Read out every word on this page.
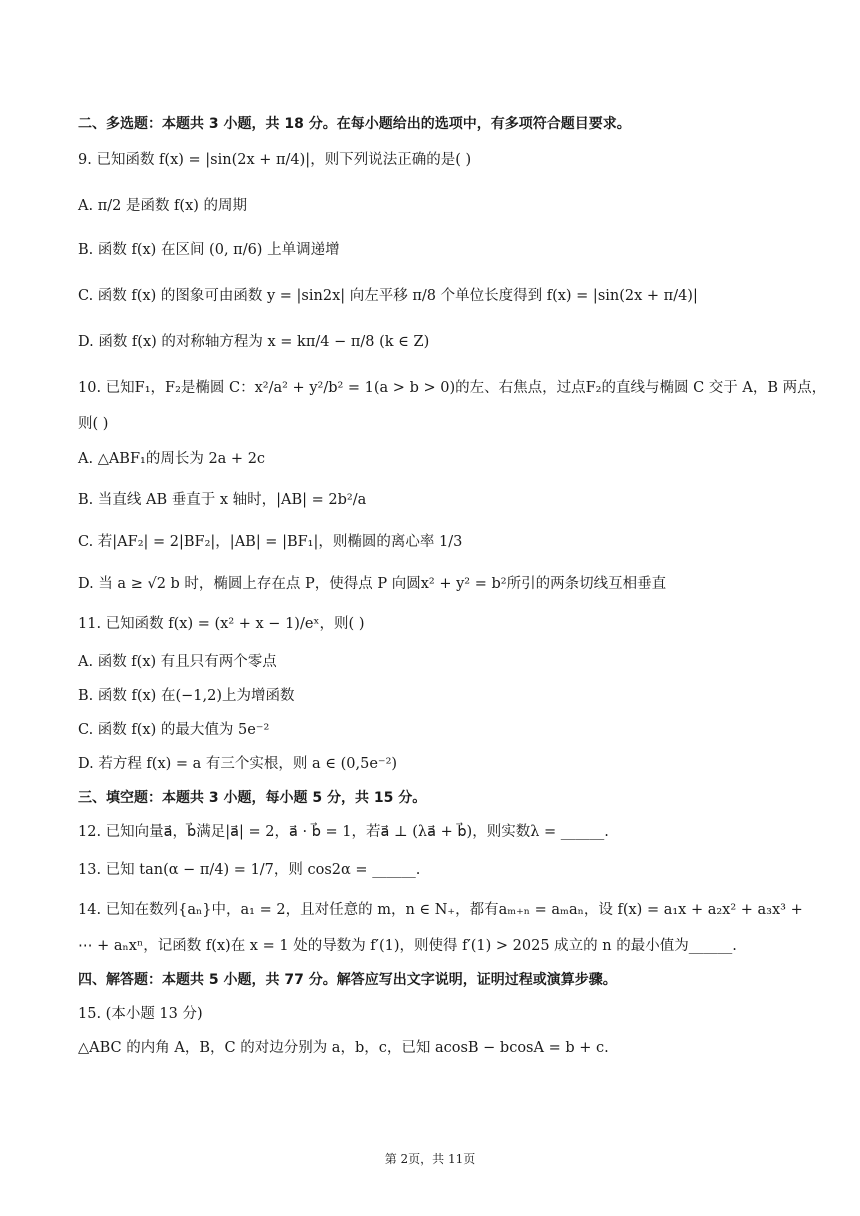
二、多选题：本题共 3 小题，共 18 分。在每小题给出的选项中，有多项符合题目要求。
9. 已知函数 f(x) = |sin(2x + π/4)|，则下列说法正确的是( )
A. π/2 是函数 f(x) 的周期
B. 函数 f(x) 在区间 (0, π/6) 上单调递增
C. 函数 f(x) 的图象可由函数 y = |sin2x| 向左平移 π/8 个单位长度得到 f(x) = |sin(2x + π/4)|
D. 函数 f(x) 的对称轴方程为 x = kπ/4 − π/8 (k ∈ Z)
10. 已知F₁，F₂是椭圆 C：x²/a² + y²/b² = 1(a > b > 0)的左、右焦点，过点F₂的直线与椭圆 C 交于 A，B 两点，
则( )
A. △ABF₁的周长为 2a + 2c
B. 当直线 AB 垂直于 x 轴时，|AB| = 2b²/a
C. 若|AF₂| = 2|BF₂|，|AB| = |BF₁|，则椭圆的离心率 1/3
D. 当 a ≥ √2 b 时，椭圆上存在点 P，使得点 P 向圆x² + y² = b²所引的两条切线互相垂直
11. 已知函数 f(x) = (x² + x − 1)/eˣ，则( )
A. 函数 f(x) 有且只有两个零点
B. 函数 f(x) 在(−1,2)上为增函数
C. 函数 f(x) 的最大值为 5e⁻²
D. 若方程 f(x) = a 有三个实根，则 a ∈ (0,5e⁻²)
三、填空题：本题共 3 小题，每小题 5 分，共 15 分。
12. 已知向量a⃗，b⃗满足|a⃗| = 2，a⃗ · b⃗ = 1，若a⃗ ⊥ (λa⃗ + b⃗)，则实数λ = ______.
13. 已知 tan(α − π/4) = 1/7，则 cos2α = ______.
14. 已知在数列{aₙ}中，a₁ = 2，且对任意的 m，n ∈ N₊，都有aₘ₊ₙ = aₘaₙ，设 f(x) = a₁x + a₂x² + a₃x³ +
⋯ + aₙxⁿ，记函数 f(x)在 x = 1 处的导数为 f′(1)，则使得 f′(1) > 2025 成立的 n 的最小值为______.
四、解答题：本题共 5 小题，共 77 分。解答应写出文字说明，证明过程或演算步骤。
15. (本小题 13 分)
△ABC 的内角 A，B，C 的对边分别为 a，b，c，已知 acosB − bcosA = b + c.
第 2页，共 11页
